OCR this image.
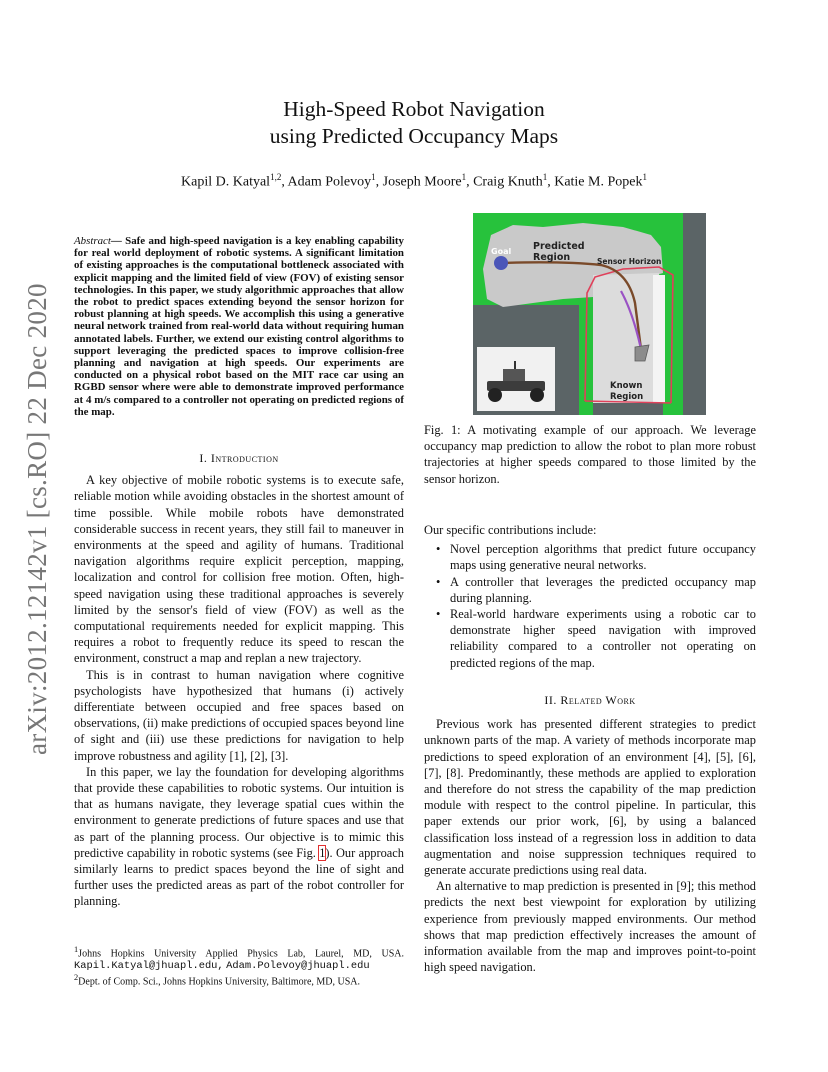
arXiv:2012.12142v1 [cs.RO] 22 Dec 2020
High-Speed Robot Navigation
using Predicted Occupancy Maps
Kapil D. Katyal$^{1,2}$, Adam Polevoy$^1$, Joseph Moore$^1$, Craig Knuth$^1$, Katie M. Popek$^1$
Abstract— Safe and high-speed navigation is a key enabling capability for real world deployment of robotic systems. A significant limitation of existing approaches is the computational bottleneck associated with explicit mapping and the limited field of view (FOV) of existing sensor technologies. In this paper, we study algorithmic approaches that allow the robot to predict spaces extending beyond the sensor horizon for robust planning at high speeds. We accomplish this using a generative neural network trained from real-world data without requiring human annotated labels. Further, we extend our existing control algorithms to support leveraging the predicted spaces to improve collision-free planning and navigation at high speeds. Our experiments are conducted on a physical robot based on the MIT race car using an RGBD sensor where were able to demonstrate improved performance at 4 m/s compared to a controller not operating on predicted regions of the map.
I. Introduction

A key objective of mobile robotic systems is to execute safe, reliable motion while avoiding obstacles in the shortest amount of time possible. While mobile robots have demonstrated considerable success in recent years, they still fail to maneuver in environments at the speed and agility of humans. Traditional navigation algorithms require explicit perception, mapping, localization and control for collision free motion. Often, high-speed navigation using these traditional approaches is severely limited by the sensor's field of view (FOV) as well as the computational requirements needed for explicit mapping. This requires a robot to frequently reduce its speed to rescan the environment, construct a map and replan a new trajectory.

This is in contrast to human navigation where cognitive psychologists have hypothesized that humans (i) actively differentiate between occupied and free spaces based on observations, (ii) make predictions of occupied spaces beyond line of sight and (iii) use these predictions for navigation to help improve robustness and agility [1], [2], [3].

In this paper, we lay the foundation for developing algorithms that provide these capabilities to robotic systems. Our intuition is that as humans navigate, they leverage spatial cues within the environment to generate predictions of future spaces and use that as part of the planning process. Our objective is to mimic this predictive capability in robotic systems (see Fig. 1). Our approach similarly learns to predict spaces beyond the line of sight and further uses the predicted areas as part of the robot controller for planning.

$^1$Johns Hopkins University Applied Physics Lab, Laurel, MD, USA. Kapil.Katyal@jhuapl.edu, Adam.Polevoy@jhuapl.edu
$^2$Dept. of Comp. Sci., Johns Hopkins University, Baltimore, MD, USA.
Goal Predicted
Region	Sensor Horizon
Known
Region
Fig. 1: A motivating example of our approach. We leverage occupancy map prediction to allow the robot to plan more robust trajectories at higher speeds compared to those limited by the sensor horizon.

Our specific contributions include:

• Novel perception algorithms that predict future occupancy maps using generative neural networks.
• A controller that leverages the predicted occupancy map during planning.
• Real-world hardware experiments using a robotic car to demonstrate higher speed navigation with improved reliability compared to a controller not operating on predicted regions of the map.
II. Related Work

Previous work has presented different strategies to predict unknown parts of the map. A variety of methods incorporate map predictions to speed exploration of an environment [4], [5], [6], [7], [8]. Predominantly, these methods are applied to exploration and therefore do not stress the capability of the map prediction module with respect to the control pipeline. In particular, this paper extends our prior work, [6], by using a balanced classification loss instead of a regression loss in addition to data augmentation and noise suppression techniques required to generate accurate predictions using real data.

An alternative to map prediction is presented in [9]; this method predicts the next best viewpoint for exploration by utilizing experience from previously mapped environments. Our method shows that map prediction effectively increases the amount of information available from the map and improves point-to-point high speed navigation.
